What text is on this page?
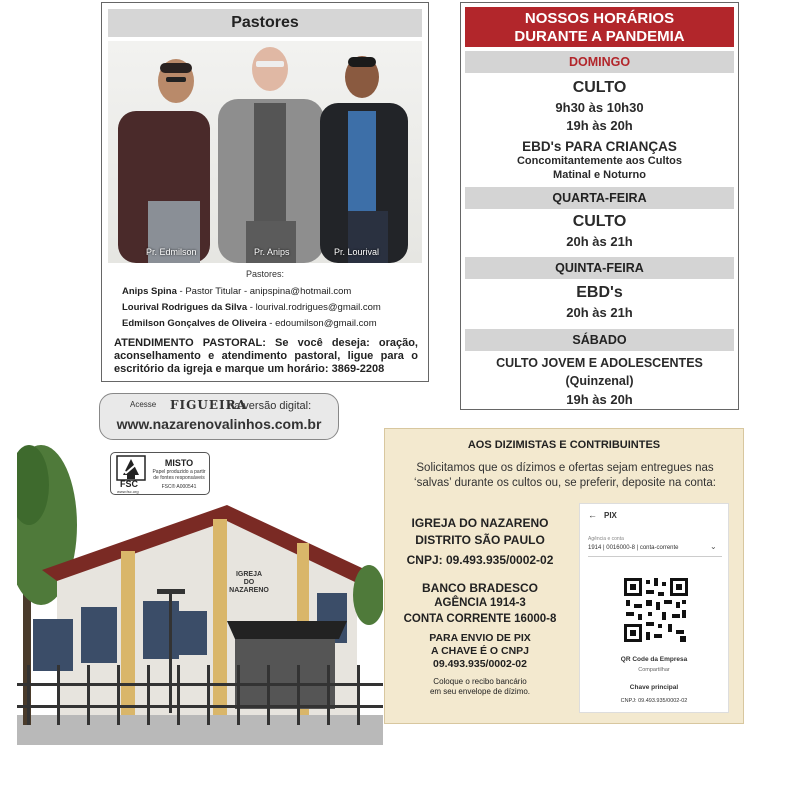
Pastores
Pr. Edmilson	Pr. Anips	Pr. Lourival
Pastores:
Anips Spina - Pastor Titular - anipspina@hotmail.com
Lourival Rodrigues da Silva - lourival.rodrigues@gmail.com
Edmilson Gonçalves de Oliveira - edoumilson@gmail.com
ATENDIMENTO PASTORAL: Se você deseja: oração, aconselhamento e atendimento pastoral, ligue para o escritório da igreja e marque um horário: 3869-2208
NOSSOS HORÁRIOS
DURANTE A PANDEMIA
DOMINGO
CULTO
9h30 às 10h30
19h às 20h
EBD's PARA CRIANÇAS
Concomitantemente aos Cultos
Matinal e Noturno
QUARTA-FEIRA
CULTO
20h às 21h
QUINTA-FEIRA
EBD's
20h às 21h
SÁBADO
CULTO JOVEM E ADOLESCENTES
(Quinzenal)
19h às 20h
Acesse FIGUEIRA
na versão digital:
www.nazarenovalinhos.com.br
FSC
www.fsc.org
MISTO
Papel produzido a partir
de fontes responsáveis
FSC® A000541
IGREJA
DO
NAZARENO
AOS DIZIMISTAS E CONTRIBUINTES
Solicitamos que os dízimos e ofertas sejam entregues nas ‘salvas’ durante os cultos ou, se preferir, deposite na conta:
IGREJA DO NAZARENO
DISTRITO SÃO PAULO
CNPJ: 09.493.935/0002-02
BANCO BRADESCO
AGÊNCIA 1914-3
CONTA CORRENTE 16000-8
PARA ENVIO DE PIX
A CHAVE É O CNPJ
09.493.935/0002-02
Coloque o recibo bancário
em seu envelope de dízimo.
← PIX
Agência e conta
1914 | 0016000-8 | conta-corrente	⌄
QR Code da Empresa
Compartilhar
Chave principal
CNPJ: 09.493.935/0002-02
